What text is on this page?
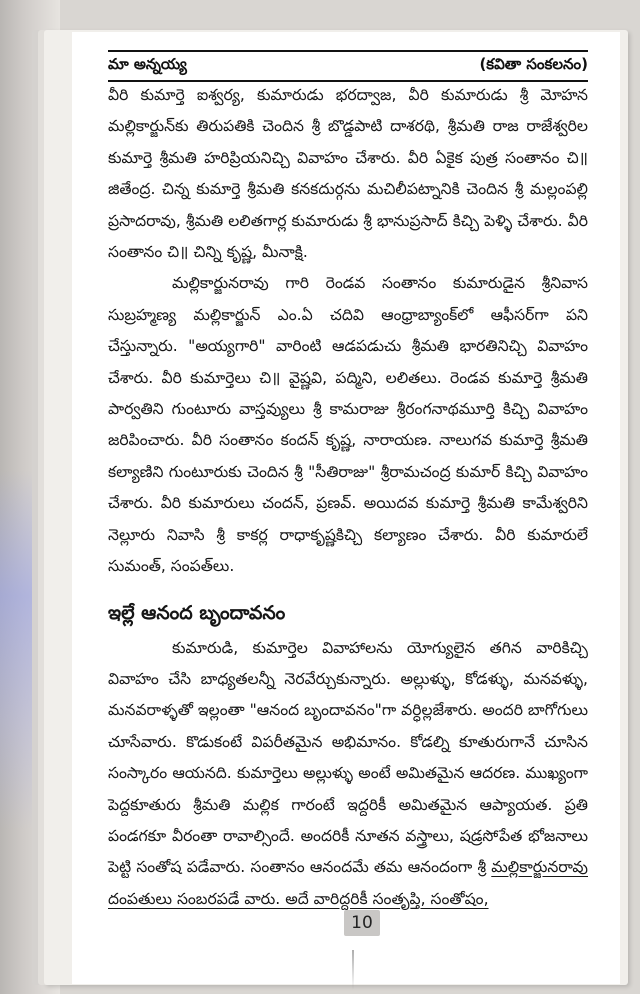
మా అన్నయ్య	(కవితా సంకలనం)

వీరి కుమార్తె ఐశ్వర్య, కుమారుడు భరద్వాజ, వీరి కుమారుడు శ్రీ మోహన మల్లికార్జున్‌కు తిరుపతికి చెందిన శ్రీ బొడ్డపాటి దాశరథి, శ్రీమతి రాజ రాజేశ్వరిల కుమార్తె శ్రీమతి హరిప్రియనిచ్చి వివాహం చేశారు. వీరి ఏకైక పుత్ర సంతానం చి॥ జితేంద్ర. చిన్న కుమార్తె శ్రీమతి కనకదుర్గను మచిలీపట్నానికి చెందిన శ్రీ మల్లంపల్లి ప్రసాదరావు, శ్రీమతి లలితగార్ల కుమారుడు శ్రీ భానుప్రసాద్ కిచ్చి పెళ్ళి చేశారు. వీరి సంతానం చి॥ చిన్ని కృష్ణ, మీనాక్షి.

మల్లికార్జునరావు గారి రెండవ సంతానం కుమారుడైన శ్రీనివాస సుబ్రహ్మణ్య మల్లికార్జున్ ఎం.ఏ చదివి ఆంధ్రాబ్యాంక్‌లో ఆఫీసర్‌గా పని చేస్తున్నారు. "అయ్యగారి" వారింటి ఆడపడుచు శ్రీమతి భారతినిచ్చి వివాహం చేశారు. వీరి కుమార్తెలు చి॥ వైష్ణవి, పద్మిని, లలితలు. రెండవ కుమార్తె శ్రీమతి పార్వతిని గుంటూరు వాస్తవ్యులు శ్రీ కామరాజు శ్రీరంగనాథమూర్తి కిచ్చి వివాహం జరిపించారు. వీరి సంతానం కందన్ కృష్ణ, నారాయణ. నాలుగవ కుమార్తె శ్రీమతి కల్యాణిని గుంటూరుకు చెందిన శ్రీ "సీతిరాజు" శ్రీరామచంద్ర కుమార్ కిచ్చి వివాహం చేశారు. వీరి కుమారులు చందన్, ప్రణవ్. అయిదవ కుమార్తె శ్రీమతి కామేశ్వరిని నెల్లూరు నివాసి శ్రీ కాకర్ల రాధాకృష్ణకిచ్చి కల్యాణం చేశారు. వీరి కుమారులే సుమంత్, సంపత్‌లు.

ఇల్లే ఆనంద బృందావనం

కుమారుడి, కుమార్తెల వివాహాలను యోగ్యులైన తగిన వారికిచ్చి వివాహం చేసి బాధ్యతలన్నీ నెరవేర్చుకున్నారు. అల్లుళ్ళు, కోడళ్ళు, మనవళ్ళు, మనవరాళ్ళతో ఇల్లంతా "ఆనంద బృందావనం"గా వర్ధిల్లజేశారు. అందరి బాగోగులు చూసేవారు. కొడుకంటే విపరీతమైన అభిమానం. కోడల్ని కూతురుగానే చూసిన సంస్కారం ఆయనది. కుమార్తెలు అల్లుళ్ళు అంటే అమితమైన ఆదరణ. ముఖ్యంగా పెద్దకూతురు శ్రీమతి మల్లిక గారంటే ఇద్దరికీ అమితమైన ఆప్యాయత. ప్రతి పండగకూ వీరంతా రావాల్సిందే. అందరికీ నూతన వస్త్రాలు, షడ్రసోపేత భోజనాలు పెట్టి సంతోష పడేవారు. సంతానం ఆనందమే తమ ఆనందంగా శ్రీ మల్లికార్జునరావు దంపతులు సంబరపడే వారు. అదే వారిద్దరికీ సంతృప్తి, సంతోషం,

10
